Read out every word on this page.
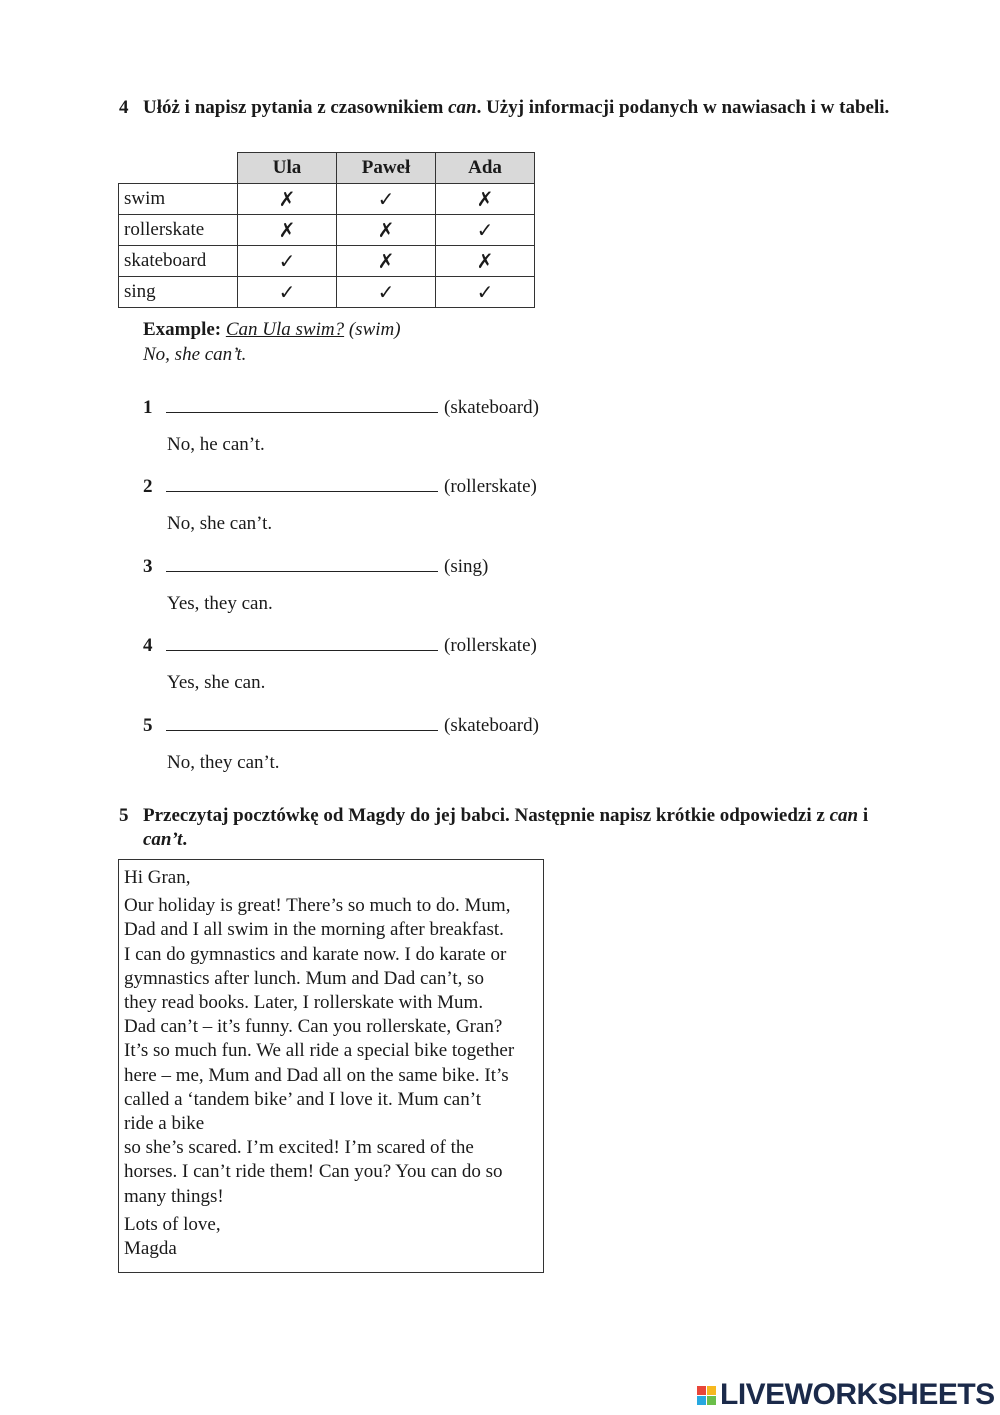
4 Ułóż i napisz pytania z czasownikiem can. Użyj informacji podanych w nawiasach i w tabeli.
	Ula	Paweł	Ada
swim	✗	✓	✗
rollerskate	✗	✗	✓
skateboard	✓	✗	✗
sing	✓	✓	✓
Example: Can Ula swim? (swim)
No, she can’t.
1	(skateboard)
No, he can’t.
2	(rollerskate)
No, she can’t.
3	(sing)
Yes, they can.
4	(rollerskate)
Yes, she can.
5	(skateboard)
No, they can’t.
5 Przeczytaj pocztówkę od Magdy do jej babci. Następnie napisz krótkie odpowiedzi z can i can’t.

Hi Gran,

Our holiday is great! There’s so much to do. Mum,
Dad and I all swim in the morning after breakfast.
I can do gymnastics and karate now. I do karate or
gymnastics after lunch. Mum and Dad can’t, so
they read books. Later, I rollerskate with Mum.
Dad can’t – it’s funny. Can you rollerskate, Gran?
It’s so much fun. We all ride a special bike together
here – me, Mum and Dad all on the same bike. It’s
called a ‘tandem bike’ and I love it. Mum can’t
ride a bike
so she’s scared. I’m excited! I’m scared of the
horses. I can’t ride them! Can you? You can do so
many things!

Lots of love,
Magda

LIVEWORKSHEETS
